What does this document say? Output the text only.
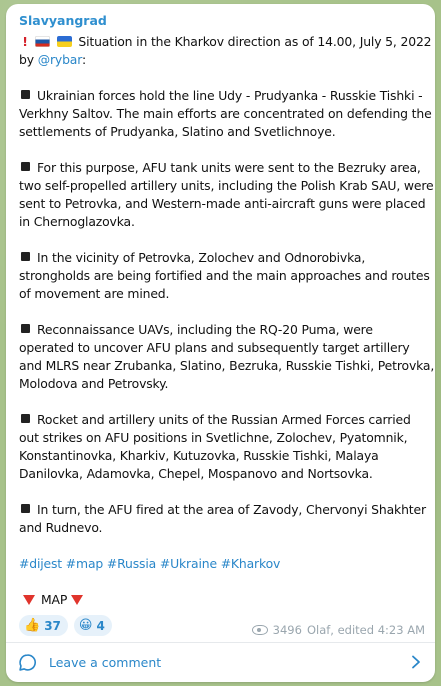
Slavyangrad

!	Situation in the Kharkov direction as of 14.00, July 5, 2022
by @rybar:

Ukrainian forces hold the line Udy - Prudyanka - Russkie Tishki -
Verkhny Saltov. The main efforts are concentrated on defending the
settlements of Prudyanka, Slatino and Svetlichnoye.

For this purpose, AFU tank units were sent to the Bezruky area,
two self-propelled artillery units, including the Polish Krab SAU, were
sent to Petrovka, and Western-made anti-aircraft guns were placed
in Chernoglazovka.

In the vicinity of Petrovka, Zolochev and Odnorobivka,
strongholds are being fortified and the main approaches and routes
of movement are mined.

Reconnaissance UAVs, including the RQ-20 Puma, were
operated to uncover AFU plans and subsequently target artillery
and MLRS near Zrubanka, Slatino, Bezruka, Russkie Tishki, Petrovka,
Molodova and Petrovsky.

Rocket and artillery units of the Russian Armed Forces carried
out strikes on AFU positions in Svetlichne, Zolochev, Pyatomnik,
Konstantinovka, Kharkiv, Kutuzovka, Russkie Tishki, Malaya
Danilovka, Adamovka, Chepel, Mospanovo and Nortsovka.

In turn, the AFU fired at the area of Zavody, Chervonyi Shakhter
and Rudnevo.

#dijest #map #Russia #Ukraine #Kharkov

MAP

👍 37 😀 4	3496 Olaf, edited 4:23 AM
Leave a comment
